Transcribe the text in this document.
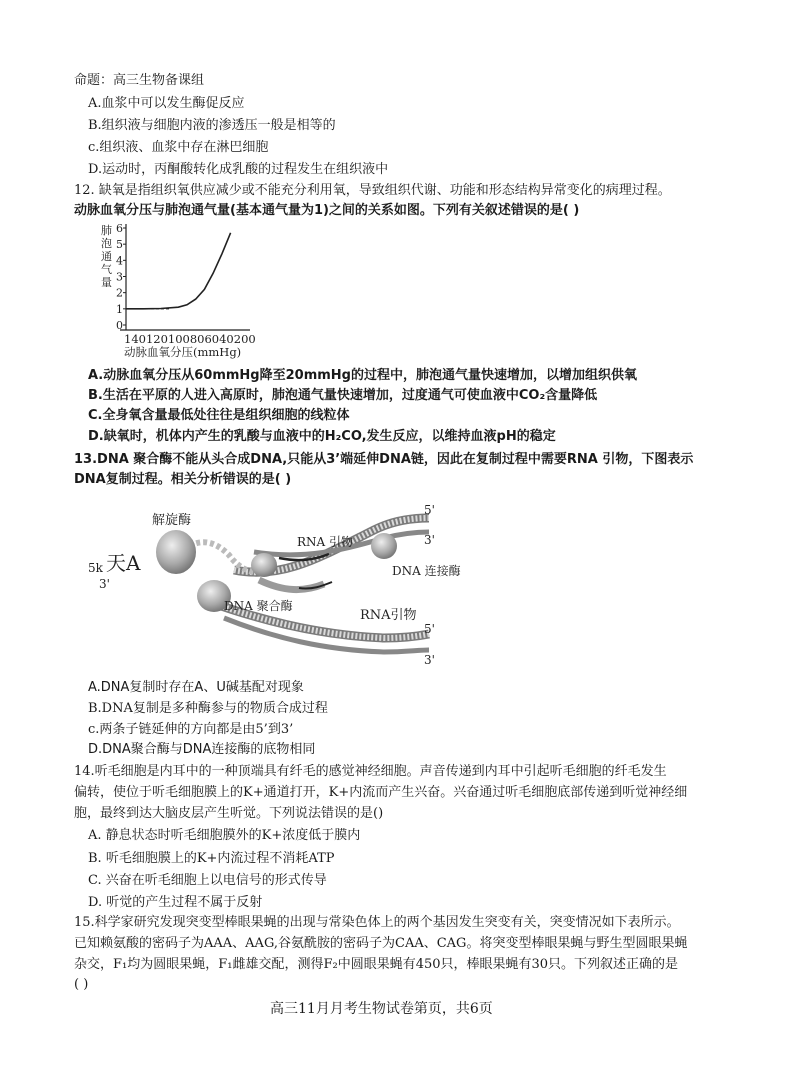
命题：高三生物备课组
A.血浆中可以发生酶促反应
B.组织液与细胞内液的渗透压一般是相等的
c.组织液、血浆中存在淋巴细胞
D.运动时，丙酮酸转化成乳酸的过程发生在组织液中
12. 缺氧是指组织氧供应减少或不能充分利用氧，导致组织代谢、功能和形态结构异常变化的病理过程。
动脉血氧分压与肺泡通气量(基本通气量为1)之间的关系如图。下列有关叙述错误的是( )
肺
泡
通
气
量
6
5
4
3
2
1
0
140120100806040200
动脉血氧分压(mmHg)
A.动脉血氧分压从60mmHg降至20mmHg的过程中，肺泡通气量快速增加，以增加组织供氧
B.生活在平原的人进入高原时，肺泡通气量快速增加，过度通气可使血液中CO₂含量降低
C.全身氧含量最低处往往是组织细胞的线粒体
D.缺氧时，机体内产生的乳酸与血液中的H₂CO,发生反应，以维持血液pH的稳定
13.DNA 聚合酶不能从头合成DNA,只能从3’端延伸DNA链，因此在复制过程中需要RNA 引物，下图表示
DNA复制过程。相关分析错误的是( )
解旋酶
RNA 引物
DNA 连接酶
DNA 聚合酶
RNA引物
5k 天A
3'
5'
3'
5'
3'
A.DNA复制时存在A、U碱基配对现象
B.DNA复制是多种酶参与的物质合成过程
c.两条子链延伸的方向都是由5’到3’
D.DNA聚合酶与DNA连接酶的底物相同
14.听毛细胞是内耳中的一种顶端具有纤毛的感觉神经细胞。声音传递到内耳中引起听毛细胞的纤毛发生
偏转，使位于听毛细胞膜上的K+通道打开，K+内流而产生兴奋。兴奋通过听毛细胞底部传递到听觉神经细
胞，最终到达大脑皮层产生听觉。下列说法错误的是()
A. 静息状态时听毛细胞膜外的K+浓度低于膜内
B. 听毛细胞膜上的K+内流过程不消耗ATP
C. 兴奋在听毛细胞上以电信号的形式传导
D. 听觉的产生过程不属于反射
15.科学家研究发现突变型棒眼果蝇的出现与常染色体上的两个基因发生突变有关，突变情况如下表所示。
已知赖氨酸的密码子为AAA、AAG,谷氨酰胺的密码子为CAA、CAG。将突变型棒眼果蝇与野生型圆眼果蝇
杂交，F₁均为圆眼果蝇，F₁雌雄交配，测得F₂中圆眼果蝇有450只，棒眼果蝇有30只。下列叙述正确的是
( )
高三11月月考生物试卷第页，共6页
